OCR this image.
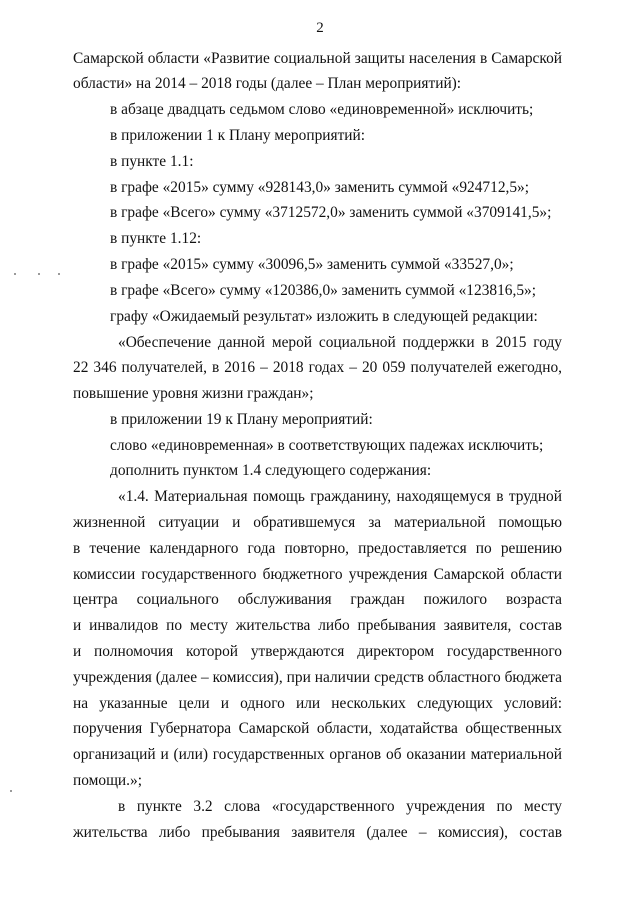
2
Самарской области «Развитие социальной защиты населения в Самарской
области» на 2014 – 2018 годы (далее – План мероприятий):
в абзаце двадцать седьмом слово «единовременной» исключить;
в приложении 1 к Плану мероприятий:
в пункте 1.1:
в графе «2015» сумму «928143,0» заменить суммой «924712,5»;
в графе «Всего» сумму «3712572,0» заменить суммой «3709141,5»;
в пункте 1.12:
в графе «2015» сумму «30096,5» заменить суммой «33527,0»;
в графе «Всего» сумму «120386,0» заменить суммой «123816,5»;
графу «Ожидаемый результат» изложить в следующей редакции:
«Обеспечение данной мерой социальной поддержки в 2015 году
22 346 получателей, в 2016 – 2018 годах – 20 059 получателей ежегодно,
повышение уровня жизни граждан»;
в приложении 19 к Плану мероприятий:
слово «единовременная» в соответствующих падежах исключить;
дополнить пунктом 1.4 следующего содержания:
«1.4. Материальная помощь гражданину, находящемуся в трудной
жизненной ситуации и обратившемуся за материальной помощью
в течение календарного года повторно, предоставляется по решению
комиссии государственного бюджетного учреждения Самарской области
центра социального обслуживания граждан пожилого возраста
и инвалидов по месту жительства либо пребывания заявителя, состав
и полномочия которой утверждаются директором государственного
учреждения (далее – комиссия), при наличии средств областного бюджета
на указанные цели и одного или нескольких следующих условий:
поручения Губернатора Самарской области, ходатайства общественных
организаций и (или) государственных органов об оказании материальной
помощи.»;
в пункте 3.2 слова «государственного учреждения по месту
жительства либо пребывания заявителя (далее – комиссия), состав
